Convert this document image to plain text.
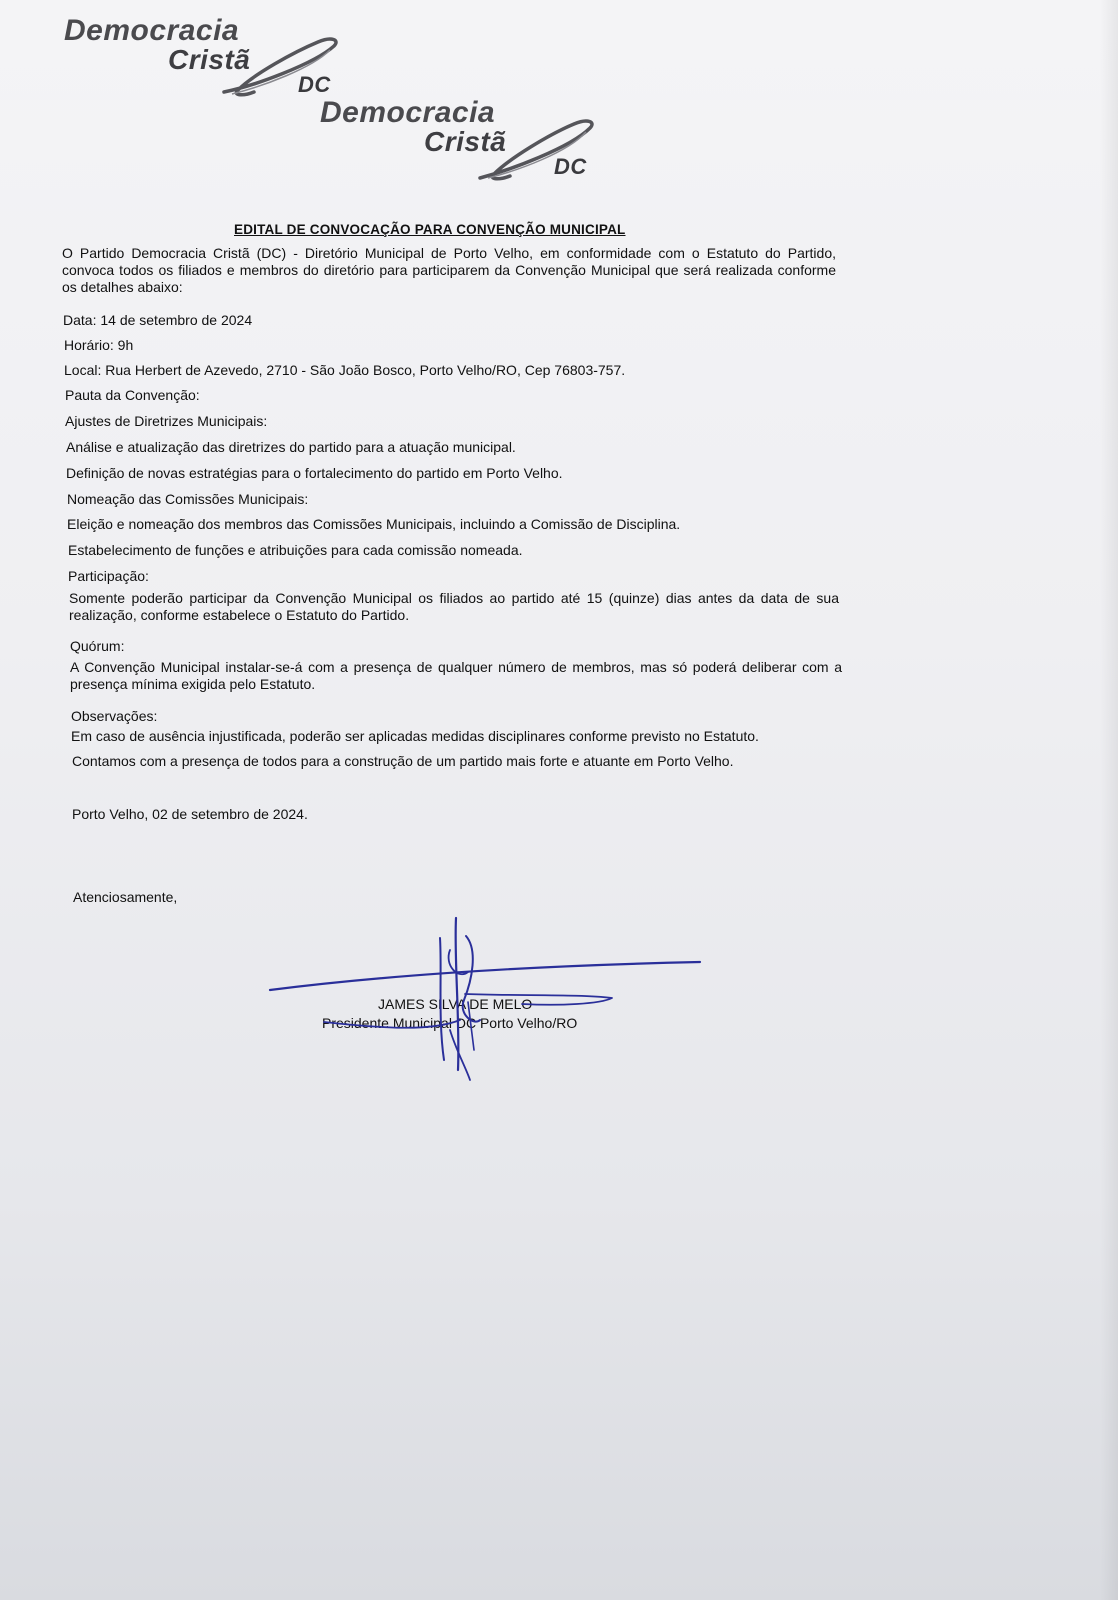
Democracia
Cristã
DC
Democracia
Cristã
DC
EDITAL DE CONVOCAÇÃO PARA CONVENÇÃO MUNICIPAL
O Partido Democracia Cristã (DC) - Diretório Municipal de Porto Velho, em conformidade com o Estatuto do Partido, convoca todos os filiados e membros do diretório para participarem da Convenção Municipal que será realizada conforme os detalhes abaixo:
Data: 14 de setembro de 2024
Horário: 9h
Local: Rua Herbert de Azevedo, 2710 - São João Bosco, Porto Velho/RO, Cep 76803-757.
Pauta da Convenção:
Ajustes de Diretrizes Municipais:
Análise e atualização das diretrizes do partido para a atuação municipal.
Definição de novas estratégias para o fortalecimento do partido em Porto Velho.
Nomeação das Comissões Municipais:
Eleição e nomeação dos membros das Comissões Municipais, incluindo a Comissão de Disciplina.
Estabelecimento de funções e atribuições para cada comissão nomeada.
Participação:
Somente poderão participar da Convenção Municipal os filiados ao partido até 15 (quinze) dias antes da data de sua realização, conforme estabelece o Estatuto do Partido.
Quórum:
A Convenção Municipal instalar-se-á com a presença de qualquer número de membros, mas só poderá deliberar com a presença mínima exigida pelo Estatuto.
Observações:
Em caso de ausência injustificada, poderão ser aplicadas medidas disciplinares conforme previsto no Estatuto.
Contamos com a presença de todos para a construção de um partido mais forte e atuante em Porto Velho.
Porto Velho, 02 de setembro de 2024.
Atenciosamente,
JAMES SILVA DE MELO
Presidente Municipal DC Porto Velho/RO
